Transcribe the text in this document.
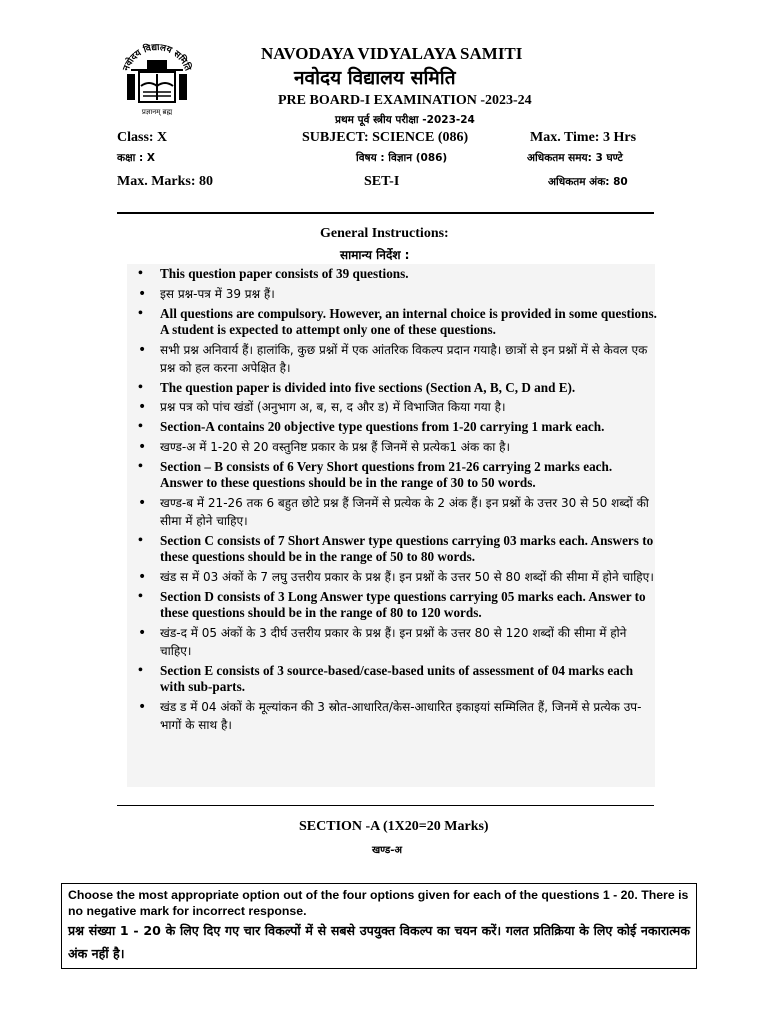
नवोदय विद्यालय समिति
प्रज्ञानम् ब्रह्म
NAVODAYA VIDYALAYA SAMITI
नवोदय विद्यालय समिति
PRE BOARD-I EXAMINATION -2023-24
प्रथम पूर्व स्त्रीय परीक्षा -2023-24
Class: X	SUBJECT: SCIENCE (086)	Max. Time: 3 Hrs
कक्षा : X	विषय : विज्ञान (086)	अधिकतम समय: 3 घण्टे
Max. Marks: 80	SET-I	अधिकतम अंक: 80
General Instructions:
सामान्य निर्देश :
• This question paper consists of 39 questions.
• इस प्रश्न-पत्र में 39 प्रश्न हैं।
• All questions are compulsory. However, an internal choice is provided in some questions. A student is expected to attempt only one of these questions.
• सभी प्रश्न अनिवार्य हैं। हालांकि, कुछ प्रश्नों में एक आंतरिक विकल्प प्रदान गयाहै। छात्रों से इन प्रश्नों में से केवल एक प्रश्न को हल करना अपेक्षित है।
• The question paper is divided into five sections (Section A, B, C, D and E).
• प्रश्न पत्र को पांच खंडों (अनुभाग अ, ब, स, द और ड) में विभाजित किया गया है।
• Section-A contains 20 objective type questions from 1-20 carrying 1 mark each.
• खण्ड-अ में 1-20 से 20 वस्तुनिष्ट प्रकार के प्रश्न हैं जिनमें से प्रत्येक1 अंक का है।
• Section – B consists of 6 Very Short questions from 21-26 carrying 2 marks each. Answer to these questions should be in the range of 30 to 50 words.
• खण्ड-ब में 21-26 तक 6 बहुत छोटे प्रश्न हैं जिनमें से प्रत्येक के 2 अंक हैं। इन प्रश्नों के उत्तर 30 से 50 शब्दों की सीमा में होने चाहिए।
• Section C consists of 7 Short Answer type questions carrying 03 marks each. Answers to these questions should be in the range of 50 to 80 words.
• खंड स में 03 अंकों के 7 लघु उत्तरीय प्रकार के प्रश्न हैं। इन प्रश्नों के उत्तर 50 से 80 शब्दों की सीमा में होने चाहिए।
• Section D consists of 3 Long Answer type questions carrying 05 marks each. Answer to these questions should be in the range of 80 to 120 words.
• खंड-द में 05 अंकों के 3 दीर्घ उत्तरीय प्रकार के प्रश्न हैं। इन प्रश्नों के उत्तर 80 से 120 शब्दों की सीमा में होने चाहिए।
• Section E consists of 3 source-based/case-based units of assessment of 04 marks each with sub-parts.
• खंड ड में 04 अंकों के मूल्यांकन की 3 स्रोत-आधारित/केस-आधारित इकाइयां सम्मिलित हैं, जिनमें से प्रत्येक उप-भागों के साथ है।
SECTION -A (1X20=20 Marks)
खण्ड-अ
Choose the most appropriate option out of the four options given for each of the questions 1 - 20. There is no negative mark for incorrect response.
प्रश्न संख्या 1 - 20 के लिए दिए गए चार विकल्पों में से सबसे उपयुक्त विकल्प का चयन करें। गलत प्रतिक्रिया के लिए कोई नकारात्मक अंक नहीं है।
